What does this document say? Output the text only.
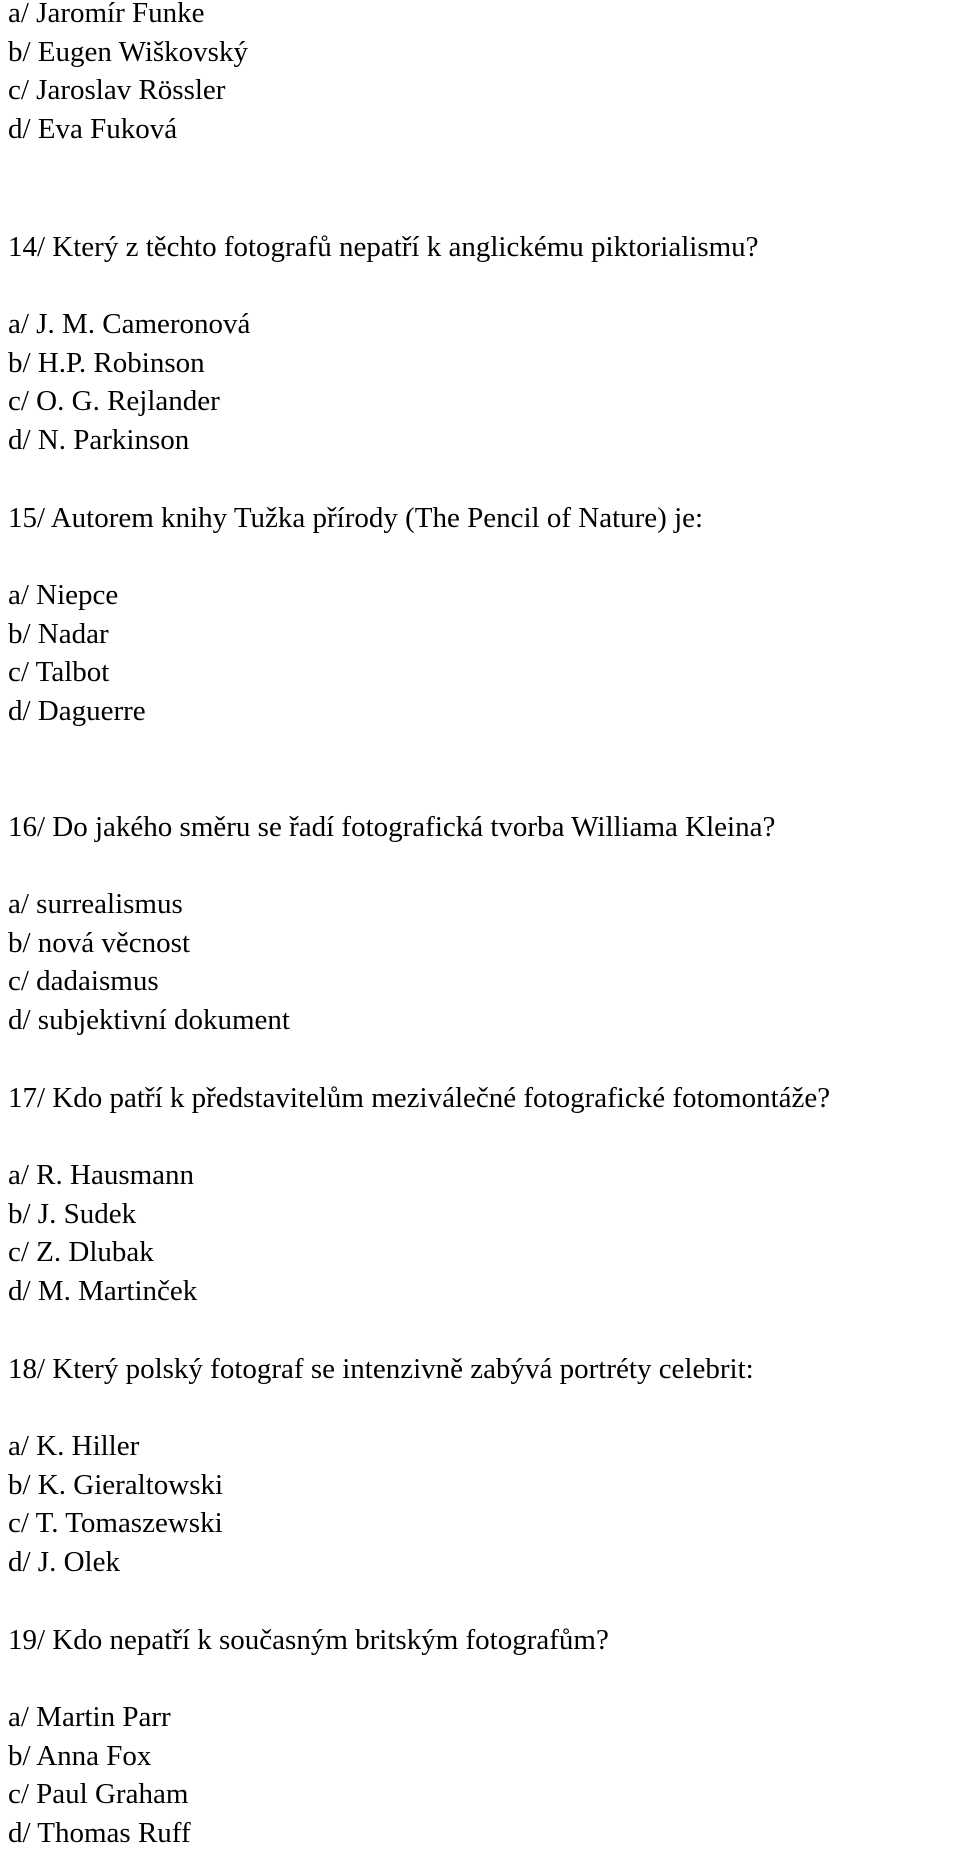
a/ Jaromír Funke
b/ Eugen Wiškovský
c/ Jaroslav Rössler
d/ Eva Fuková
14/ Který z těchto fotografů nepatří k anglickému piktorialismu?
a/ J. M. Cameronová
b/ H.P. Robinson
c/ O. G. Rejlander
d/ N. Parkinson
15/ Autorem knihy Tužka přírody (The Pencil of Nature) je:
a/ Niepce
b/ Nadar
c/ Talbot
d/ Daguerre
16/ Do jakého směru se řadí fotografická tvorba Williama Kleina?
a/ surrealismus
b/ nová věcnost
c/ dadaismus
d/ subjektivní dokument
17/ Kdo patří k představitelům meziválečné fotografické fotomontáže?
a/ R. Hausmann
b/ J. Sudek
c/ Z. Dlubak
d/ M. Martinček
18/ Který polský fotograf se intenzivně zabývá portréty celebrit:
a/ K. Hiller
b/ K. Gieraltowski
c/ T. Tomaszewski
d/ J. Olek
19/ Kdo nepatří k současným britským fotografům?
a/ Martin Parr
b/ Anna Fox
c/ Paul Graham
d/ Thomas Ruff
